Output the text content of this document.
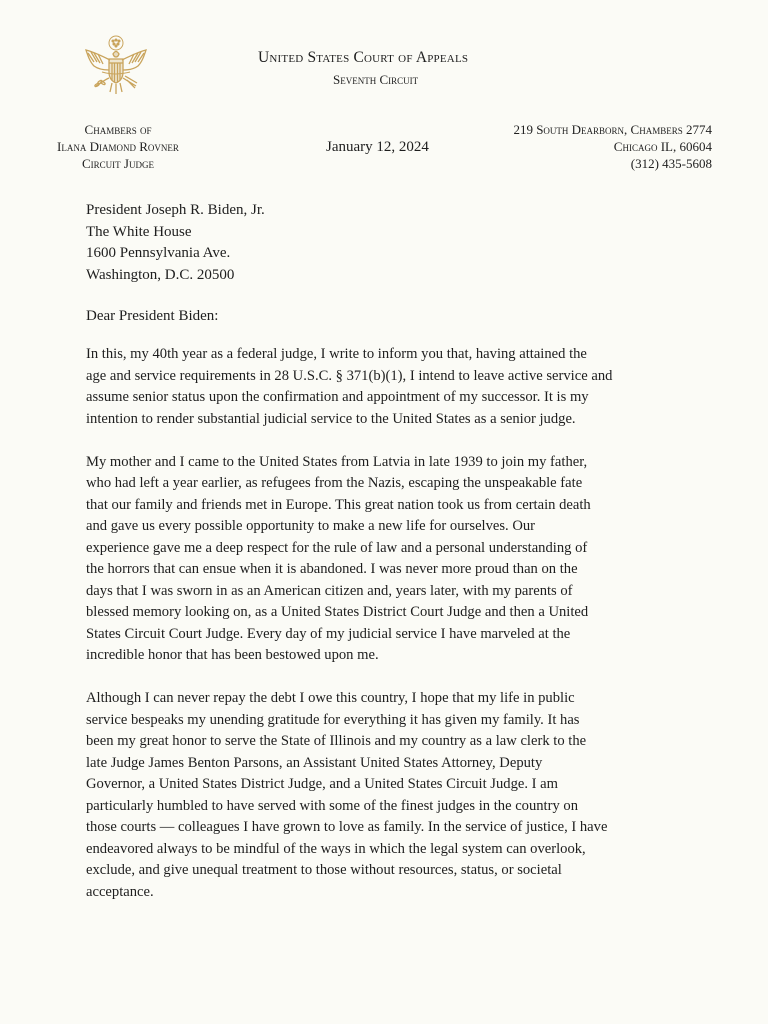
United States Court of Appeals
Seventh Circuit
Chambers of
Ilana Diamond Rovner
Circuit Judge
219 South Dearborn, Chambers 2774
Chicago IL, 60604
(312) 435-5608
January 12, 2024
President Joseph R. Biden, Jr.
The White House
1600 Pennsylvania Ave.
Washington, D.C. 20500
Dear President Biden:

In this, my 40th year as a federal judge, I write to inform you that, having attained the
age and service requirements in 28 U.S.C. § 371(b)(1), I intend to leave active service and
assume senior status upon the confirmation and appointment of my successor. It is my
intention to render substantial judicial service to the United States as a senior judge.

My mother and I came to the United States from Latvia in late 1939 to join my father,
who had left a year earlier, as refugees from the Nazis, escaping the unspeakable fate
that our family and friends met in Europe. This great nation took us from certain death
and gave us every possible opportunity to make a new life for ourselves. Our
experience gave me a deep respect for the rule of law and a personal understanding of
the horrors that can ensue when it is abandoned. I was never more proud than on the
days that I was sworn in as an American citizen and, years later, with my parents of
blessed memory looking on, as a United States District Court Judge and then a United
States Circuit Court Judge. Every day of my judicial service I have marveled at the
incredible honor that has been bestowed upon me.

Although I can never repay the debt I owe this country, I hope that my life in public
service bespeaks my unending gratitude for everything it has given my family. It has
been my great honor to serve the State of Illinois and my country as a law clerk to the
late Judge James Benton Parsons, an Assistant United States Attorney, Deputy
Governor, a United States District Judge, and a United States Circuit Judge. I am
particularly humbled to have served with some of the finest judges in the country on
those courts — colleagues I have grown to love as family. In the service of justice, I have
endeavored always to be mindful of the ways in which the legal system can overlook,
exclude, and give unequal treatment to those without resources, status, or societal
acceptance.
